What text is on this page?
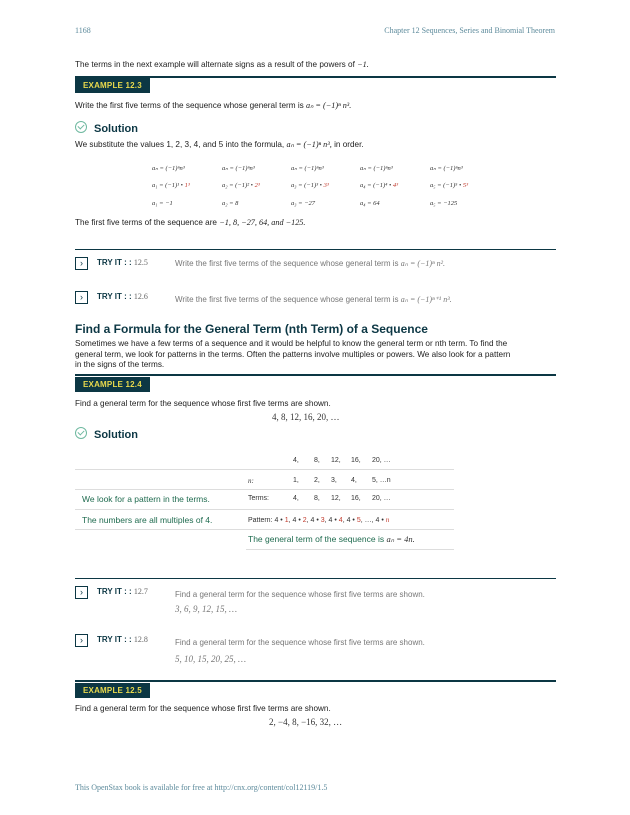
1168	Chapter 12 Sequences, Series and Binomial Theorem
The terms in the next example will alternate signs as a result of the powers of −1.
EXAMPLE 12.3
Write the first five terms of the sequence whose general term is aₙ = (−1)ⁿ n³.
Solution
We substitute the values 1, 2, 3, 4, and 5 into the formula, aₙ = (−1)ⁿ n³, in order.
aₙ = (−1)ⁿn³	aₙ = (−1)ⁿn³	aₙ = (−1)ⁿn³	aₙ = (−1)ⁿn³	aₙ = (−1)ⁿn³
a₁ = (−1)¹ • 1³	a₂ = (−1)² • 2³	a₃ = (−1)³ • 3³	a₄ = (−1)⁴ • 4³	a₅ = (−1)⁵ • 5³
a₁ = −1	a₂ = 8	a₃ = −27	a₄ = 64	a₅ = −125
The first five terms of the sequence are −1, 8, −27, 64, and −125.
›	TRY IT : : 12.5	Write the first five terms of the sequence whose general term is aₙ = (−1)ⁿ n².
›	TRY IT : : 12.6	Write the first five terms of the sequence whose general term is aₙ = (−1)ⁿ⁺¹ n³.
Find a Formula for the General Term (nth Term) of a Sequence
Sometimes we have a few terms of a sequence and it would be helpful to know the general term or nth term. To find the
general term, we look for patterns in the terms. Often the patterns involve multiples or powers. We also look for a pattern
in the signs of the terms.
EXAMPLE 12.4
Find a general term for the sequence whose first five terms are shown.
4, 8, 12, 16, 20, …
Solution
4, 8, 12, 16, 20, …
n:	1, 2, 3, 4, 5, …n
We look for a pattern in the terms.	Terms:	4, 8, 12, 16, 20, …
The numbers are all multiples of 4.	Pattern: 4 • 1, 4 • 2, 4 • 3, 4 • 4, 4 • 5, …, 4 • n
The general term of the sequence is aₙ = 4n.
›	TRY IT : : 12.7	Find a general term for the sequence whose first five terms are shown.
3, 6, 9, 12, 15, …
›	TRY IT : : 12.8	Find a general term for the sequence whose first five terms are shown.
5, 10, 15, 20, 25, …
EXAMPLE 12.5
Find a general term for the sequence whose first five terms are shown.
2, −4, 8, −16, 32, …
This OpenStax book is available for free at http://cnx.org/content/col12119/1.5
